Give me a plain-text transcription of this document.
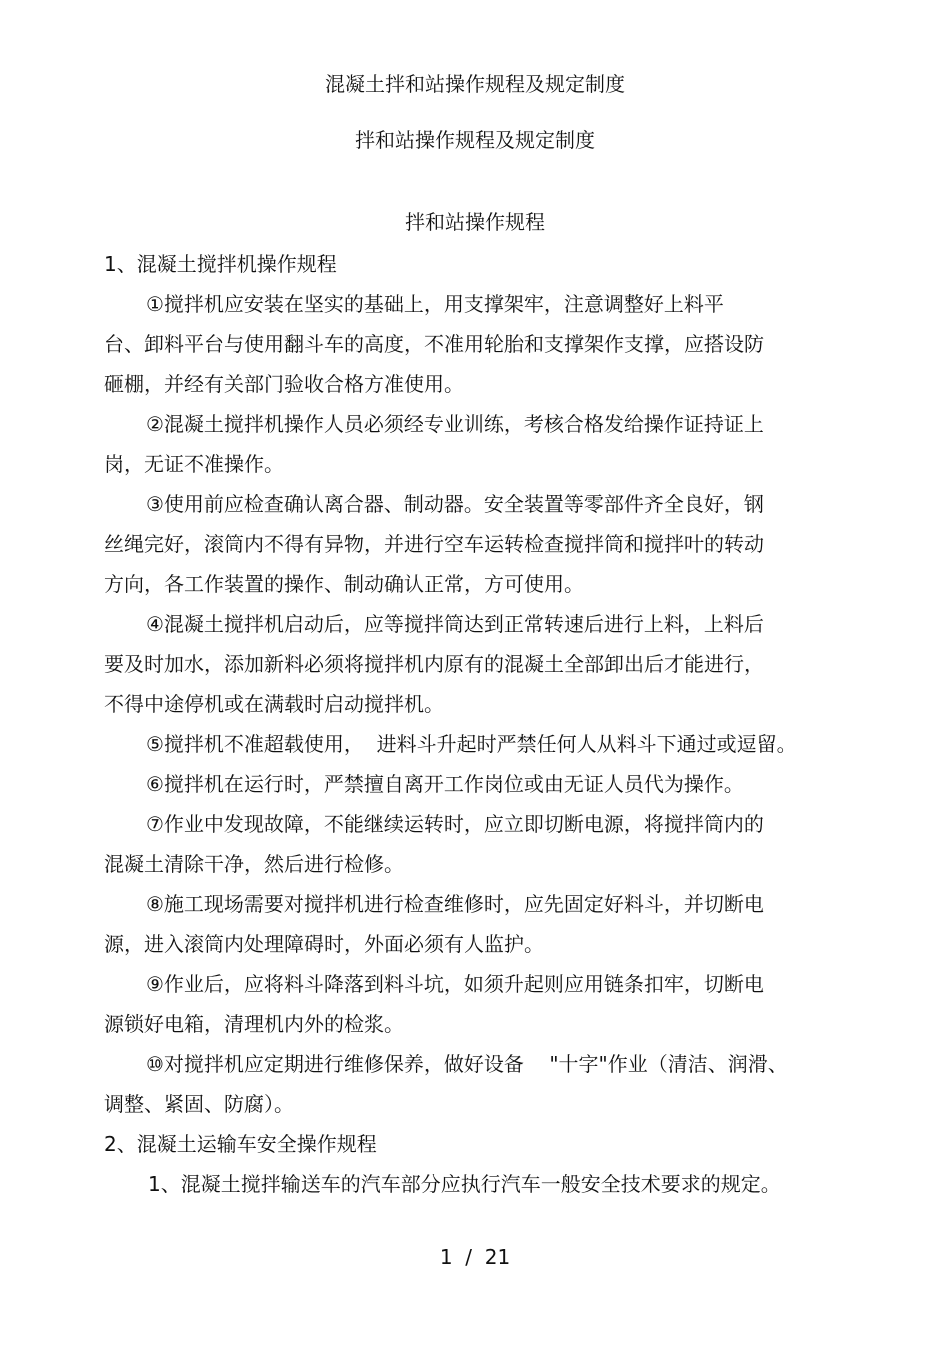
混凝土拌和站操作规程及规定制度
拌和站操作规程及规定制度
拌和站操作规程
1、混凝土搅拌机操作规程
①搅拌机应安装在坚实的基础上，用支撑架牢，注意调整好上料平
台、卸料平台与使用翻斗车的高度，不准用轮胎和支撑架作支撑，应搭设防
砸棚，并经有关部门验收合格方准使用。
②混凝土搅拌机操作人员必须经专业训练，考核合格发给操作证持证上
岗，无证不准操作。
③使用前应检查确认离合器、制动器。安全装置等零部件齐全良好，钢
丝绳完好，滚筒内不得有异物，并进行空车运转检查搅拌筒和搅拌叶的转动
方向，各工作装置的操作、制动确认正常，方可使用。
④混凝土搅拌机启动后，应等搅拌筒达到正常转速后进行上料，上料后
要及时加水，添加新料必须将搅拌机内原有的混凝土全部卸出后才能进行，
不得中途停机或在满载时启动搅拌机。
⑤搅拌机不准超载使用，  进料斗升起时严禁任何人从料斗下通过或逗留。
⑥搅拌机在运行时，严禁擅自离开工作岗位或由无证人员代为操作。
⑦作业中发现故障，不能继续运转时，应立即切断电源，将搅拌筒内的
混凝土清除干净，然后进行检修。
⑧施工现场需要对搅拌机进行检查维修时，应先固定好料斗，并切断电
源，进入滚筒内处理障碍时，外面必须有人监护。
⑨作业后，应将料斗降落到料斗坑，如须升起则应用链条扣牢，切断电
源锁好电箱，清理机内外的检浆。
⑩对搅拌机应定期进行维修保养，做好设备    "十字"作业（清洁、润滑、
调整、紧固、防腐）。
2、混凝土运输车安全操作规程
1、混凝土搅拌输送车的汽车部分应执行汽车一般安全技术要求的规定。
1  /  21
